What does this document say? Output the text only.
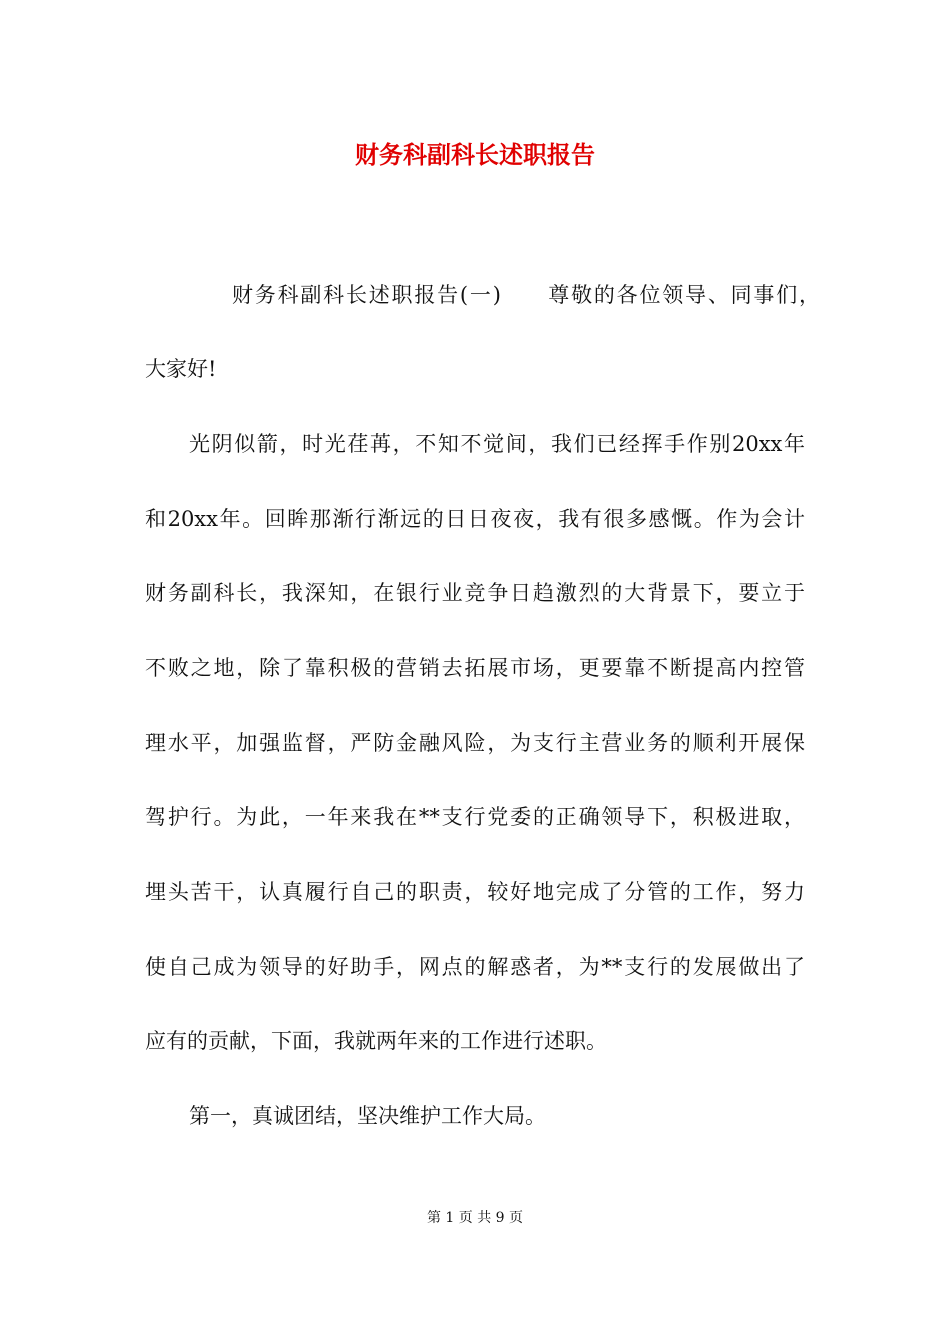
财务科副科长述职报告
财务科副科长述职报告(一)　　尊敬的各位领导、同事们，
大家好!
光阴似箭，时光荏苒，不知不觉间，我们已经挥手作别20xx年
和20xx年。回眸那渐行渐远的日日夜夜，我有很多感慨。作为会计
财务副科长，我深知，在银行业竞争日趋激烈的大背景下，要立于
不败之地，除了靠积极的营销去拓展市场，更要靠不断提高内控管
理水平，加强监督，严防金融风险，为支行主营业务的顺利开展保
驾护行。为此，一年来我在**支行党委的正确领导下，积极进取，
埋头苦干，认真履行自己的职责，较好地完成了分管的工作，努力
使自己成为领导的好助手，网点的解惑者，为**支行的发展做出了
应有的贡献，下面，我就两年来的工作进行述职。
第一，真诚团结，坚决维护工作大局。
第 1 页 共 9 页
